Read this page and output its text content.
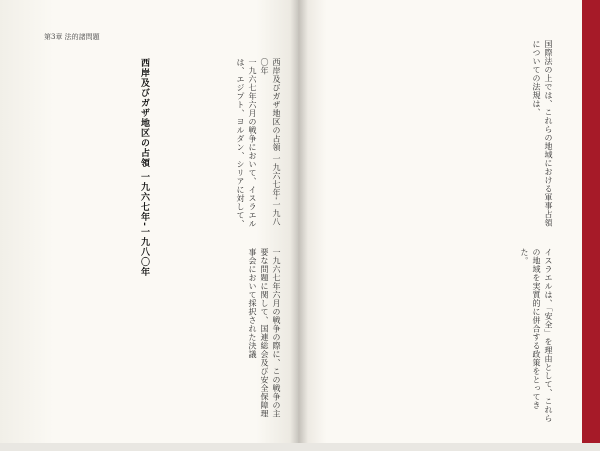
第3章 法的諸問題
西岸及びガザ地区の占領 一九六七年-一九八〇年
一九六七年六月の戦争において、イスラエルは、エジプト、ヨルダン、シリアに対して、
一九六七年六月の戦争の際に、この戦争の主要な問題に関して、国連総会及び安全保障理事会において採択された決議
国際法の上では、これらの地域における軍事占領についての法規は、
イスラエルは、「安全」を理由として、これらの地域を実質的に併合する政策をとってきた。
西岸及びガザ地区の占領 一九六七年-一九八〇年
